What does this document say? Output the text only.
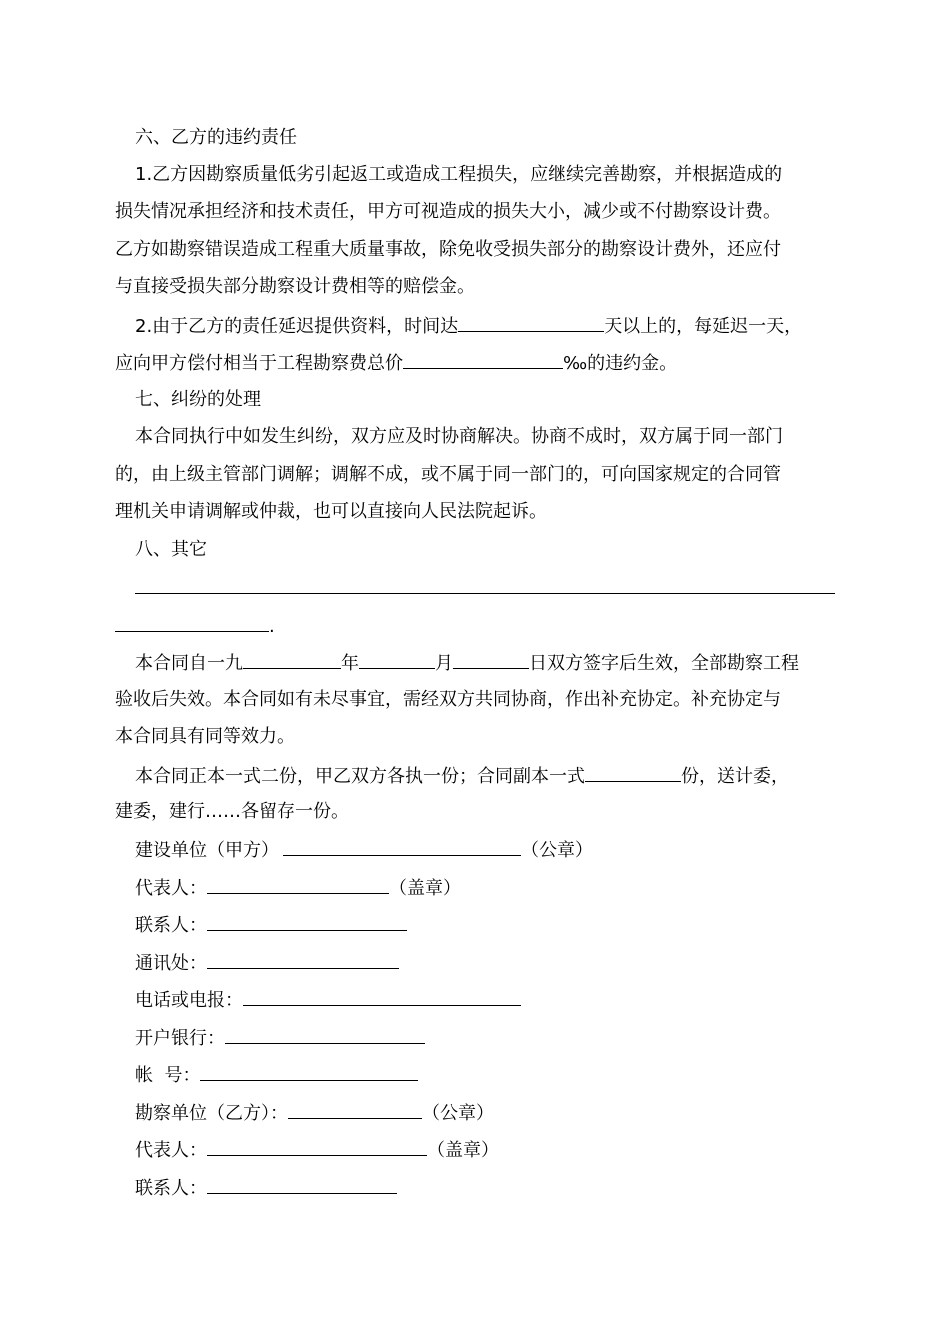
六、乙方的违约责任
1.乙方因勘察质量低劣引起返工或造成工程损失，应继续完善勘察，并根据造成的
损失情况承担经济和技术责任，甲方可视造成的损失大小，减少或不付勘察设计费。
乙方如勘察错误造成工程重大质量事故，除免收受损失部分的勘察设计费外，还应付
与直接受损失部分勘察设计费相等的赔偿金。
2.由于乙方的责任延迟提供资料，时间达	天以上的，每延迟一天，
应向甲方偿付相当于工程勘察费总价	‰的违约金。
七、纠纷的处理
本合同执行中如发生纠纷，双方应及时协商解决。协商不成时，双方属于同一部门
的，由上级主管部门调解；调解不成，或不属于同一部门的，可向国家规定的合同管
理机关申请调解或仲裁，也可以直接向人民法院起诉。
八、其它
.
本合同自一九	年	月	日双方签字后生效，全部勘察工程
验收后失效。本合同如有未尽事宜，需经双方共同协商，作出补充协定。补充协定与
本合同具有同等效力。
本合同正本一式二份，甲乙双方各执一份；合同副本一式	份，送计委，
建委，建行……各留存一份。
建设单位（甲方）	（公章）
代表人：	（盖章）
联系人：
通讯处：
电话或电报：
开户银行：
帐  号：
勘察单位（乙方）：	（公章）
代表人：	（盖章）
联系人：
